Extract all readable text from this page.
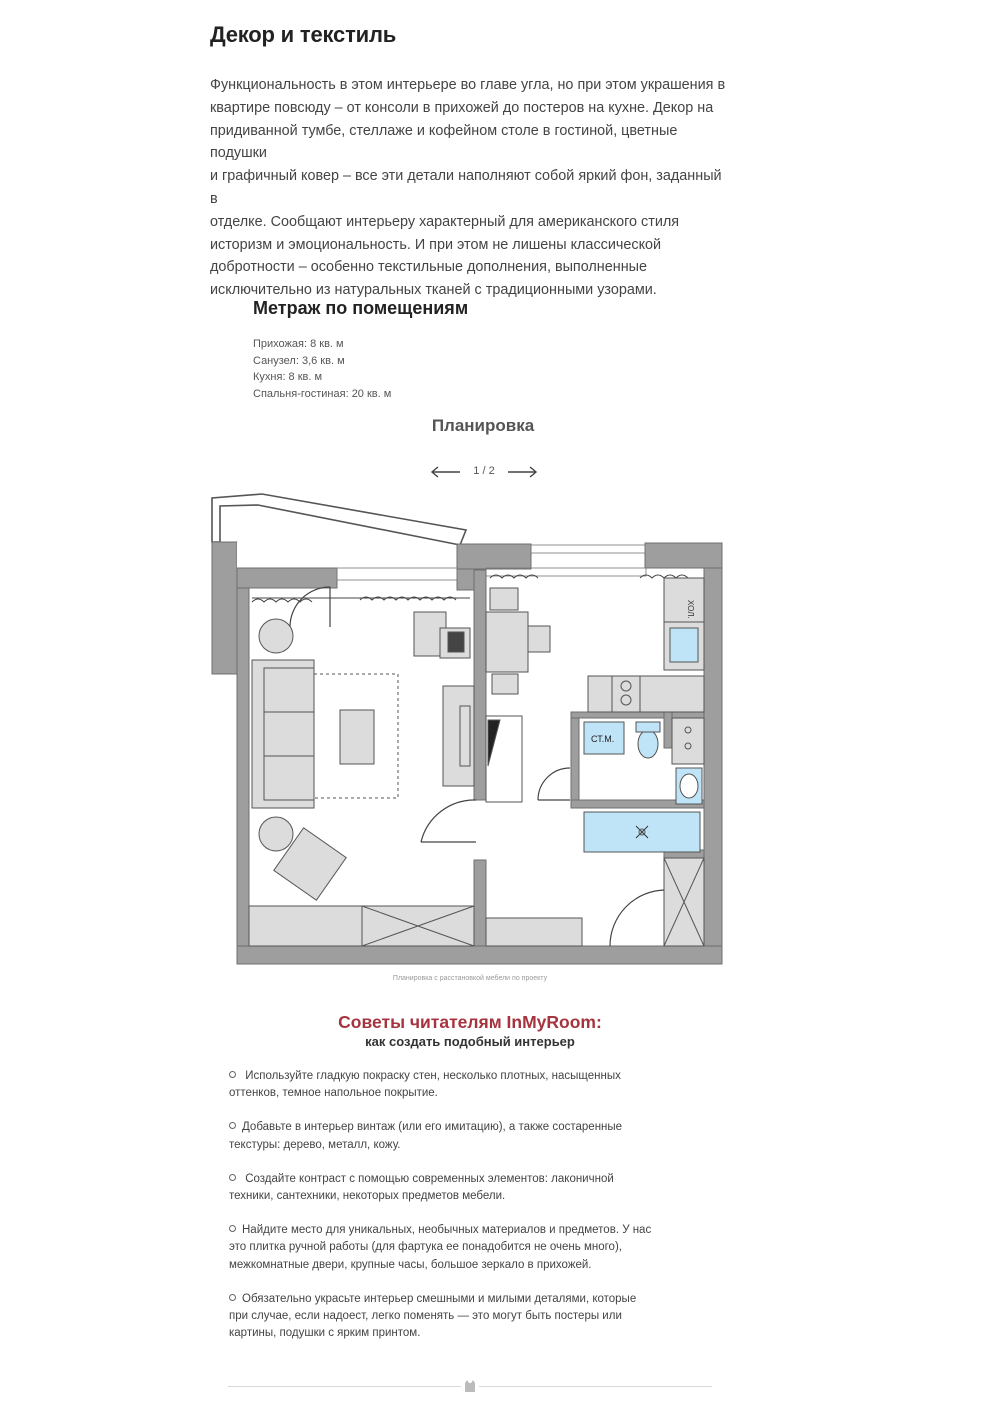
Декор и текстиль
Функциональность в этом интерьере во главе угла, но при этом украшения в
квартире повсюду – от консоли в прихожей до постеров на кухне. Декор на
придиванной тумбе, стеллаже и кофейном столе в гостиной, цветные подушки
и графичный ковер – все эти детали наполняют собой яркий фон, заданный в
отделке. Сообщают интерьеру характерный для американского стиля
историзм и эмоциональность. И при этом не лишены классической
добротности – особенно текстильные дополнения, выполненные
исключительно из натуральных тканей с традиционными узорами.
Метраж по помещениям
Прихожая: 8 кв. м
Санузел: 3,6 кв. м
Кухня: 8 кв. м
Спальня-гостиная: 20 кв. м
Планировка
1 / 2
ХОЛ.
СТ.М.
Планировка с расстановкой мебели по проекту
Советы читателям InMyRoom:
как создать подобный интерьер
Используйте гладкую покраску стен, несколько плотных, насыщенных
оттенков, темное напольное покрытие.
Добавьте в интерьер винтаж (или его имитацию), а также состаренные
текстуры: дерево, металл, кожу.
Создайте контраст с помощью современных элементов: лаконичной
техники, сантехники, некоторых предметов мебели.
Найдите место для уникальных, необычных материалов и предметов. У нас
это плитка ручной работы (для фартука ее понадобится не очень много),
межкомнатные двери, крупные часы, большое зеркало в прихожей.
Обязательно украсьте интерьер смешными и милыми деталями, которые
при случае, если надоест, легко поменять — это могут быть постеры или
картины, подушки с ярким принтом.
